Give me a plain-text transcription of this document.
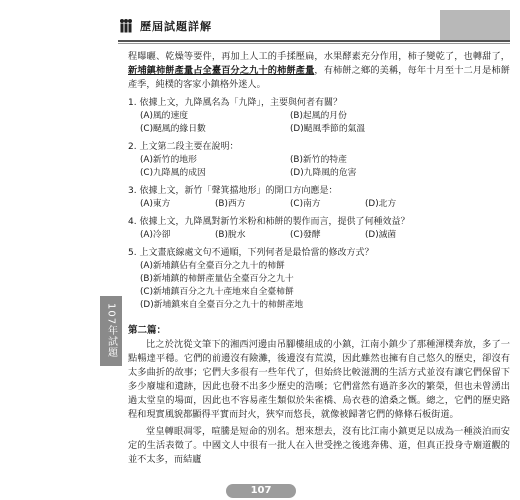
歷屆試題詳解
107年試題

程曝曬、乾燥等要件，再加上人工的手揉壓扁，水果酵素充分作用，柿子變乾了，也轉甜了，新埔鎮柿餅產量占全臺百分之九十的柿餅產量，有柿餅之鄉的美稱，每年十月至十二月是柿餅產季，純樸的客家小鎮格外迷人。

1. 依據上文，九降風名為「九降」，主要與何者有關？

(A)風的速度	(B)起風的月份
(C)颳風的緣日數	(D)颳風季節的氣溫

2. 上文第二段主要在說明：

(A)新竹的地形	(B)新竹的特產
(C)九降風的成因	(D)九降風的危害

3. 依據上文，新竹「聲箕擋地形」的開口方向應是：

(A)東方	(B)西方	(C)南方	(D)北方

4. 依據上文，九降風對新竹米粉和柿餅的製作而言，提供了何種效益？

(A)冷卻	(B)脫水	(C)發酵	(D)滅菌

5. 上文畫底線處文句不通順，下列何者是最恰當的修改方式？

(A)新埔鎮佔有全臺百分之九十的柿餅
(B)新埔鎮的柿餅產量佔全臺百分之九十
(C)新埔鎮百分之九十產地來自全臺柿餅
(D)新埔鎮來自全臺百分之九十的柿餅產地

第二篇：

比之於沈從文筆下的湘西河邊由吊腳樓組成的小鎮，江南小鎮少了那種渾樸奔放，多了一點暢達平穩。它們的前邊沒有險灘，後邊沒有荒漠，因此雖然也擁有自己悠久的歷史，卻沒有太多曲折的故事；它們大多很有一些年代了，但始終比較滋潤的生活方式並沒有讓它們保留下多少廢墟和遺跡，因此也發不出多少歷史的浩嘆；它們當然有過許多次的繁榮，但也未曾湧出過太堂皇的場面，因此也不容易產生類似於朱雀橋、烏衣巷的滄桑之慨。總之，它們的歷史路程和現實風貌都顯得平實而封火，狹窄而悠長，就像被歸著它們的條條石板街道。

堂皇轉眼凋零，喧騰是短命的別名。想來想去，沒有比江南小鎮更足以成為一種淡泊而安定的生活表徵了。中國文人中很有一批人在入世受挫之後逃奔佛、道，但真正投身寺廟道觀的並不太多，而結廬

107
